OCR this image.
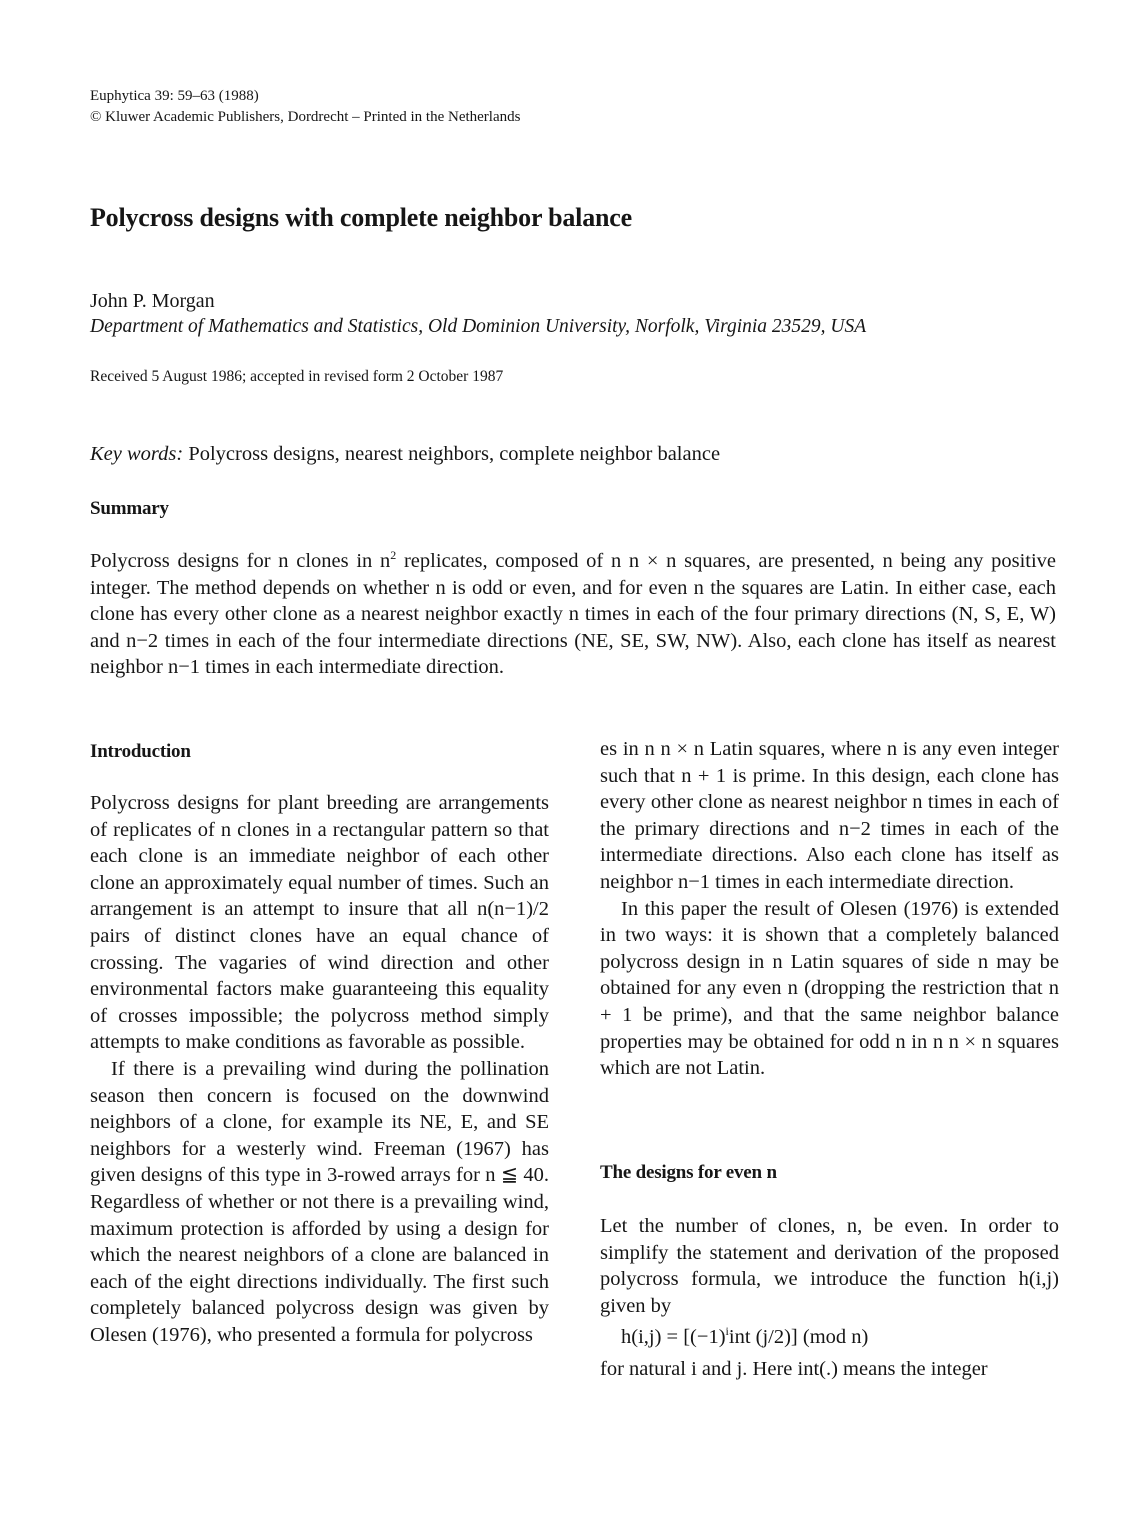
Euphytica 39: 59–63 (1988)
© Kluwer Academic Publishers, Dordrecht – Printed in the Netherlands
Polycross designs with complete neighbor balance
John P. Morgan
Department of Mathematics and Statistics, Old Dominion University, Norfolk, Virginia 23529, USA
Received 5 August 1986; accepted in revised form 2 October 1987
Key words: Polycross designs, nearest neighbors, complete neighbor balance
Summary
Polycross designs for n clones in $n^2$ replicates, composed of n n × n squares, are presented, n being any positive integer. The method depends on whether n is odd or even, and for even n the squares are Latin. In either case, each clone has every other clone as a nearest neighbor exactly n times in each of the four primary directions (N, S, E, W) and n−2 times in each of the four intermediate directions (NE, SE, SW, NW). Also, each clone has itself as nearest neighbor n−1 times in each intermediate direction.
Introduction

Polycross designs for plant breeding are arrangements of replicates of n clones in a rectangular pattern so that each clone is an immediate neighbor of each other clone an approximately equal number of times. Such an arrangement is an attempt to insure that all n(n−1)/2 pairs of distinct clones have an equal chance of crossing. The vagaries of wind direction and other environmental factors make guaranteeing this equality of crosses impossible; the polycross method simply attempts to make conditions as favorable as possible.

If there is a prevailing wind during the pollination season then concern is focused on the downwind neighbors of a clone, for example its NE, E, and SE neighbors for a westerly wind. Freeman (1967) has given designs of this type in 3-rowed arrays for n ≦ 40. Regardless of whether or not there is a prevailing wind, maximum protection is afforded by using a design for which the nearest neighbors of a clone are balanced in each of the eight directions individually. The first such completely balanced polycross design was given by Olesen (1976), who presented a formula for polycross

es in n n × n Latin squares, where n is any even integer such that n + 1 is prime. In this design, each clone has every other clone as nearest neighbor n times in each of the primary directions and n−2 times in each of the intermediate directions. Also each clone has itself as neighbor n−1 times in each intermediate direction.

In this paper the result of Olesen (1976) is extended in two ways: it is shown that a completely balanced polycross design in n Latin squares of side n may be obtained for any even n (dropping the restriction that n + 1 be prime), and that the same neighbor balance properties may be obtained for odd n in n n × n squares which are not Latin.

The designs for even n

Let the number of clones, n, be even. In order to simplify the statement and derivation of the proposed polycross formula, we introduce the function h(i,j) given by

$h(i,j) = [(-1)^iint$ (j/2)] (mod n)

for natural i and j. Here int(.) means the integer
